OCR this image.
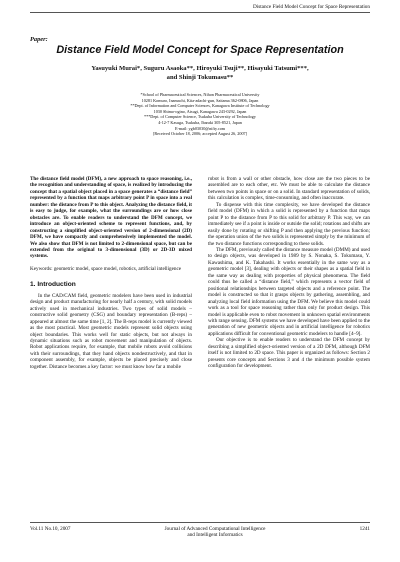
Distance Field Model Concept for Space Representation
Paper:
Distance Field Model Concept for Space Representation
Yasuyuki Murai*, Suguru Asaoka**, Hiroyuki Tsuji**, Hisayuki Tatsumi***,
and Shinji Tokumasu**
*School of Pharmaceutical Sciences, Nihon Pharmaceutical University
10281 Komuro, Inamachi, Kita-adachi-gun, Saitama 362-0806, Japan
**Dept. of Information and Computer Sciences, Kanagawa Institute of Technology
1030 Shimo-ogino, Atsugi, Kanagawa 243-0292, Japan
***Dept. of Computer Science, Tsukuba University of Technology
4-12-7 Kasuga, Tsukuba, Ibaraki 305-8521, Japan
E-mail: ygb03030@nifty.com
[Received October 18, 2006; accepted August 26, 2007]

The distance field model (DFM), a new approach to space reasoning, i.e., the recognition and understanding of space, is realized by introducing the concept that a spatial object placed in a space generates a “distance field” represented by a function that maps arbitrary point P in space into a real number: the distance from P to this object. Analyzing the distance field, it is easy to judge, for example, what the surroundings are or how close obstacles are. To enable readers to understand the DFM concept, we introduce an object-oriented scheme to represent functions, and, by constructing a simplified object-oriented version of 2-dimensional (2D) DFM, we have compactly and comprehensively implemented the model. We also show that DFM is not limited to 2-dimensional space, but can be extended from the original to 3-dimensional (3D) or 2D-3D mixed systems.

Keywords: geometric model, space model, robotics, artificial intelligence

1. Introduction

In the CAD/CAM field, geometric modelers have been used in industrial design and product manufacturing for nearly half a century, with solid models actively used in mechanical industries. Two types of solid models – constructive solid geometry (CSG) and boundary representation (B-reps) – appeared at almost the same time [1, 2]. The B-reps model is currently viewed as the most practical. Most geometric models represent solid objects using object boundaries. This works well for static objects, but not always in dynamic situations such as robot movement and manipulation of objects. Robot applications require, for example, that mobile robots avoid collisions with their surroundings, that they hand objects nondestructively, and that in component assembly, for example, objects be placed precisely and close together. Distance becomes a key factor: we must know how far a mobile

robot is from a wall or other obstacle, how close are the two pieces to be assembled are to each other, etc. We must be able to calculate the distance between two points in space or on a solid. In standard representation of solids, this calculation is complex, time-consuming, and often inaccurate.

To dispense with this time complexity, we have developed the distance field model (DFM) in which a solid is represented by a function that maps point P to the distance from P to this solid for arbitrary P. This way, we can immediately see if a point is inside or outside the solid; rotations and shifts are easily done by rotating or shifting P and then applying the previous function; the operation union of the two solids is represented simply by the minimum of the two distance functions corresponding to these solids.

The DFM, previously called the distance measure model (DMM) and used to design objects, was developed in 1989 by S. Nonaka, S. Tokumasu, Y. Kawashima, and K. Takahashi. It works essentially in the same way as a geometric model [3], dealing with objects or their shapes as a spatial field in the same way as dealing with properties of physical phenomena. The field could thus be called a “distance field,” which represents a vector field of positional relationships between targeted objects and a reference point. The model is constructed so that it grasps objects by gathering, assembling, and analyzing local field information using the DFM. We believe this model could work as a tool for space reasoning rather than only for product design. This model is applicable even to robot movement in unknown spatial environments with range sensing. DFM systems we have developed have been applied to the generation of new geometric objects and in artificial intelligence for robotics applications difficult for conventional geometric modelers to handle [4–9].

Our objective is to enable readers to understand the DFM concept by describing a simplified object-oriented version of a 2D DFM, although DFM itself is not limited to 2D space. This paper is organized as follows: Section 2 presents core concepts and Sections 3 and 4 the minimum possible system configuration for development.

Vol.11 No.10, 2007	Journal of Advanced Computational Intelligence
and Intelligent Informatics
1241
